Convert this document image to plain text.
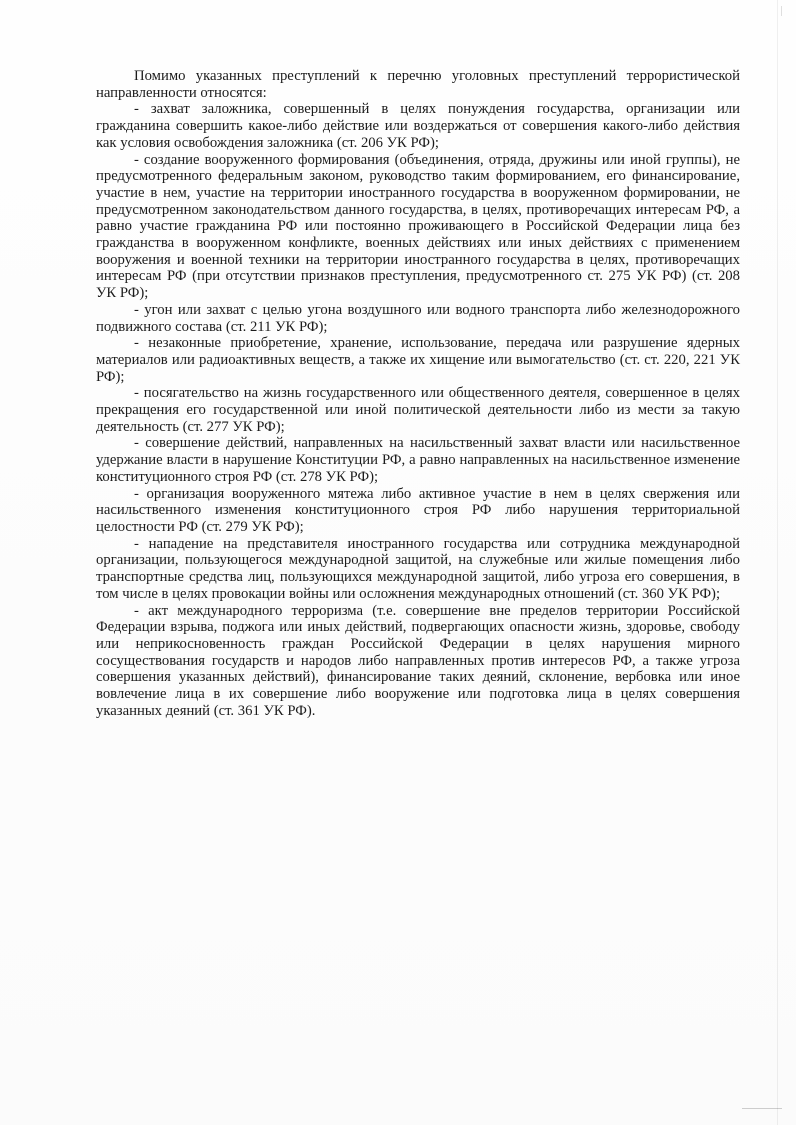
Помимо указанных преступлений к перечню уголовных преступлений террористической направленности относятся:

- захват заложника, совершенный в целях понуждения государства, организации или гражданина совершить какое-либо действие или воздержаться от совершения какого-либо действия как условия освобождения заложника (ст. 206 УК РФ);

- создание вооруженного формирования (объединения, отряда, дружины или иной группы), не предусмотренного федеральным законом, руководство таким формированием, его финансирование, участие в нем, участие на территории иностранного государства в вооруженном формировании, не предусмотренном законодательством данного государства, в целях, противоречащих интересам РФ, а равно участие гражданина РФ или постоянно проживающего в Российской Федерации лица без гражданства в вооруженном конфликте, военных действиях или иных действиях с применением вооружения и военной техники на территории иностранного государства в целях, противоречащих интересам РФ (при отсутствии признаков преступления, предусмотренного ст. 275 УК РФ) (ст. 208 УК РФ);

- угон или захват с целью угона воздушного или водного транспорта либо железнодорожного подвижного состава (ст. 211 УК РФ);

- незаконные приобретение, хранение, использование, передача или разрушение ядерных материалов или радиоактивных веществ, а также их хищение или вымогательство (ст. ст. 220, 221 УК РФ);

- посягательство на жизнь государственного или общественного деятеля, совершенное в целях прекращения его государственной или иной политической деятельности либо из мести за такую деятельность (ст. 277 УК РФ);

- совершение действий, направленных на насильственный захват власти или насильственное удержание власти в нарушение Конституции РФ, а равно направленных на насильственное изменение конституционного строя РФ (ст. 278 УК РФ);

- организация вооруженного мятежа либо активное участие в нем в целях свержения или насильственного изменения конституционного строя РФ либо нарушения территориальной целостности РФ (ст. 279 УК РФ);

- нападение на представителя иностранного государства или сотрудника международной организации, пользующегося международной защитой, на служебные или жилые помещения либо транспортные средства лиц, пользующихся международной защитой, либо угроза его совершения, в том числе в целях провокации войны или осложнения международных отношений (ст. 360 УК РФ);

- акт международного терроризма (т.е. совершение вне пределов территории Российской Федерации взрыва, поджога или иных действий, подвергающих опасности жизнь, здоровье, свободу или неприкосновенность граждан Российской Федерации в целях нарушения мирного сосуществования государств и народов либо направленных против интересов РФ, а также угроза совершения указанных действий), финансирование таких деяний, склонение, вербовка или иное вовлечение лица в их совершение либо вооружение или подготовка лица в целях совершения указанных деяний (ст. 361 УК РФ).
